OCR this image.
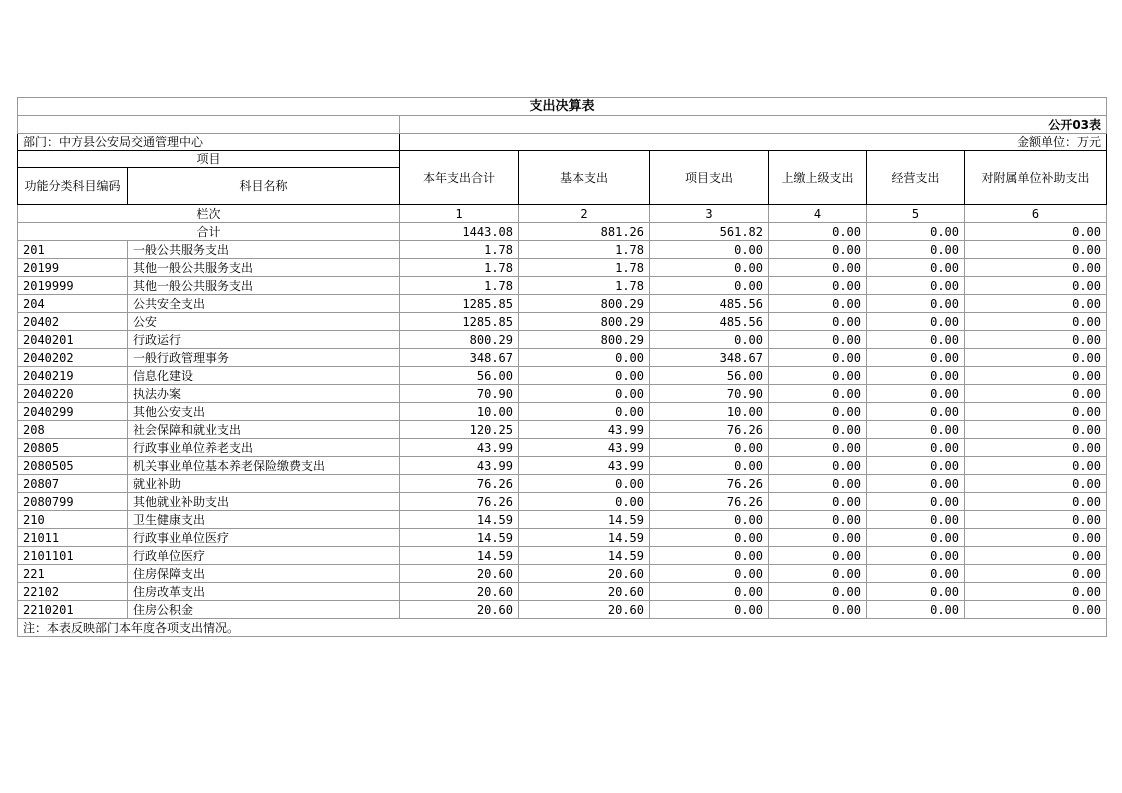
支出决算表							
		公开03表					
部门：中方县公安局交通管理中心		金额单位：万元					
项目		本年支出合计	基本支出	项目支出	上缴上级支出	经营支出	对附属单位补助支出
功能分类科目编码	科目名称						
栏次		1	2	3	4	5	6
合计		1443.08	881.26	561.82	0.00	0.00	0.00
201	一般公共服务支出	1.78	1.78	0.00	0.00	0.00	0.00
20199	其他一般公共服务支出	1.78	1.78	0.00	0.00	0.00	0.00
2019999	其他一般公共服务支出	1.78	1.78	0.00	0.00	0.00	0.00
204	公共安全支出	1285.85	800.29	485.56	0.00	0.00	0.00
20402	公安	1285.85	800.29	485.56	0.00	0.00	0.00
2040201	行政运行	800.29	800.29	0.00	0.00	0.00	0.00
2040202	一般行政管理事务	348.67	0.00	348.67	0.00	0.00	0.00
2040219	信息化建设	56.00	0.00	56.00	0.00	0.00	0.00
2040220	执法办案	70.90	0.00	70.90	0.00	0.00	0.00
2040299	其他公安支出	10.00	0.00	10.00	0.00	0.00	0.00
208	社会保障和就业支出	120.25	43.99	76.26	0.00	0.00	0.00
20805	行政事业单位养老支出	43.99	43.99	0.00	0.00	0.00	0.00
2080505	机关事业单位基本养老保险缴费支出	43.99	43.99	0.00	0.00	0.00	0.00
20807	就业补助	76.26	0.00	76.26	0.00	0.00	0.00
2080799	其他就业补助支出	76.26	0.00	76.26	0.00	0.00	0.00
210	卫生健康支出	14.59	14.59	0.00	0.00	0.00	0.00
21011	行政事业单位医疗	14.59	14.59	0.00	0.00	0.00	0.00
2101101	行政单位医疗	14.59	14.59	0.00	0.00	0.00	0.00
221	住房保障支出	20.60	20.60	0.00	0.00	0.00	0.00
22102	住房改革支出	20.60	20.60	0.00	0.00	0.00	0.00
2210201	住房公积金	20.60	20.60	0.00	0.00	0.00	0.00
注：本表反映部门本年度各项支出情况。							
